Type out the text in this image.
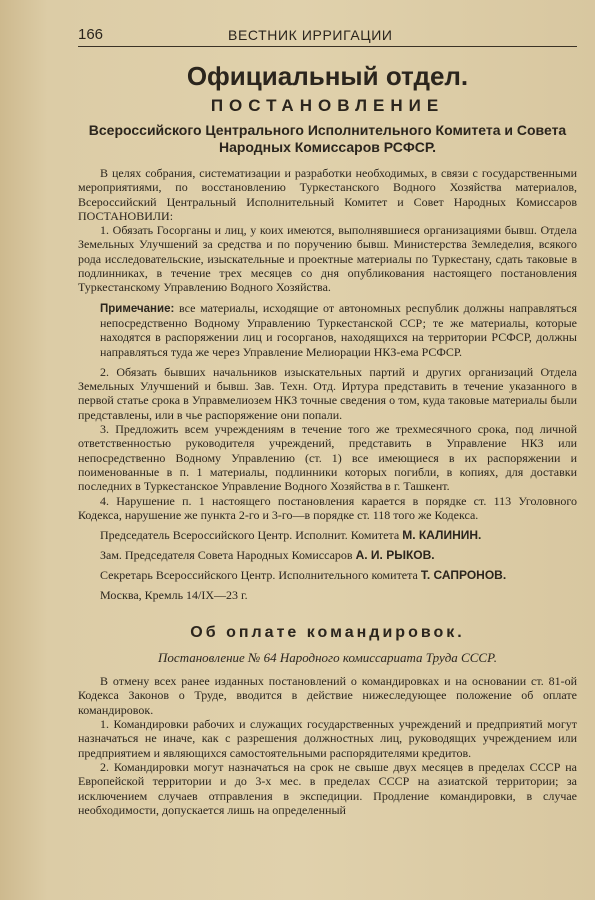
166	ВЕСТНИК ИРРИГАЦИИ
Официальный отдел.
ПОСТАНОВЛЕНИЕ
Всероссийского Центрального Исполнительного Комитета и Совета Народных Комиссаров РСФСР.

В целях собрания, систематизации и разработки необходимых, в связи с государственными мероприятиями, по восстановлению Туркестанского Водного Хозяйства материалов, Всероссийский Центральный Исполнительный Комитет и Совет Народных Комиссаров ПОСТАНОВИЛИ:

1. Обязать Госорганы и лиц, у коих имеются, выполнявшиеся организациями бывш. Отдела Земельных Улучшений за средства и по поручению бывш. Министерства Земледелия, всякого рода исследовательские, изыскательные и проектные материалы по Туркестану, сдать таковые в подлинниках, в течение трех месяцев со дня опубликования настоящего постановления Туркестанскому Управлению Водного Хозяйства.

Примечание: все материалы, исходящие от автономных республик должны направляться непосредственно Водному Управлению Туркестанской ССР; те же материалы, которые находятся в распоряжении лиц и госорганов, находящихся на территории РСФСР, должны направляться туда же через Управление Мелиорации НКЗ-ема РСФСР.

2. Обязать бывших начальников изыскательных партий и других организаций Отдела Земельных Улучшений и бывш. Зав. Техн. Отд. Иртура представить в течение указанного в первой статье срока в Управмелиозем НКЗ точные сведения о том, куда таковые материалы были представлены, или в чье распоряжение они попали.

3. Предложить всем учреждениям в течение того же трехмесячного срока, под личной ответственностью руководителя учреждений, представить в Управление НКЗ или непосредственно Водному Управлению (ст. 1) все имеющиеся в их распоряжении и поименованные в п. 1 материалы, подлинники которых погибли, в копиях, для доставки последних в Туркестанское Управление Водного Хозяйства в г. Ташкент.

4. Нарушение п. 1 настоящего постановления карается в порядке ст. 113 Уголовного Кодекса, нарушение же пункта 2-го и 3-го—в порядке ст. 118 того же Кодекса.

Председатель Всероссийского Центр. Исполнит. Комитета М. КАЛИНИН.
Зам. Председателя Совета Народных Комиссаров А. И. РЫКОВ.
Секретарь Всероссийского Центр. Исполнительного комитета Т. САПРОНОВ.
Москва, Кремль 14/IX—23 г.
Об оплате командировок.
Постановление № 64 Народного комиссариата Труда СССР.

В отмену всех ранее изданных постановлений о командировках и на основании ст. 81-ой Кодекса Законов о Труде, вводится в действие нижеследующее положение об оплате командировок.

1. Командировки рабочих и служащих государственных учреждений и предприятий могут назначаться не иначе, как с разрешения должностных лиц, руководящих учреждением или предприятием и являющихся самостоятельными распорядителями кредитов.

2. Командировки могут назначаться на срок не свыше двух месяцев в пределах СССР на Европейской территории и до 3-х мес. в пределах СССР на азиатской территории; за исключением случаев отправления в экспедиции. Продление командировки, в случае необходимости, допускается лишь на определенный
